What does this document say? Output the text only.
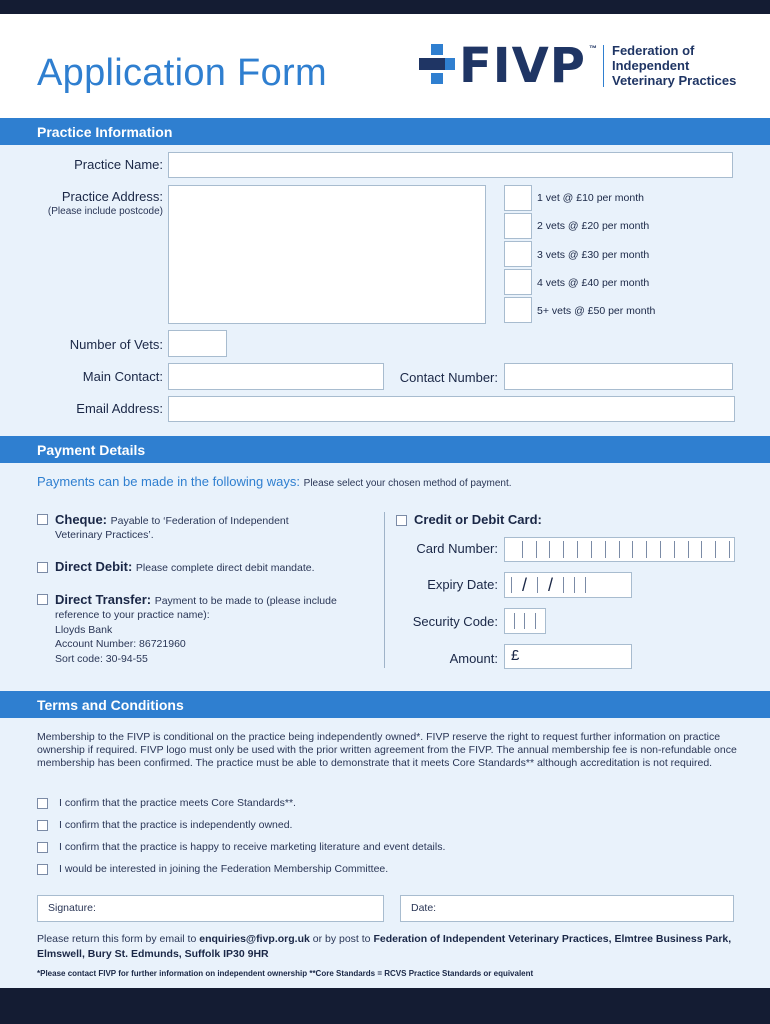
Application Form	FIVP ™ Federation of
Independent
Veterinary Practices
Practice Information
Practice Name:
Practice Address:
(Please include postcode)
1 vet @ £10 per month
2 vets @ £20 per month
3 vets @ £30 per month
4 vets @ £40 per month
5+ vets @ £50 per month
Number of Vets:
Main Contact:	Contact Number:
Email Address:
Payment Details
Payments can be made in the following ways: Please select your chosen method of payment.
Cheque: Payable to ‘Federation of Independent
Veterinary Practices’.
Direct Debit: Please complete direct debit mandate.
Direct Transfer: Payment to be made to (please include
reference to your practice name):
Lloyds Bank
Account Number: 86721960
Sort code: 30-94-55
Credit or Debit Card:
Card Number:
Expiry Date: / /
Security Code:
Amount: £
Terms and Conditions
Membership to the FIVP is conditional on the practice being independently owned*. FIVP reserve the right to request further information on practice ownership if required. FIVP logo must only be used with the prior written agreement from the FIVP. The annual membership fee is non-refundable once membership has been confirmed. The practice must be able to demonstrate that it meets Core Standards** although accreditation is not required.
I confirm that the practice meets Core Standards**.
I confirm that the practice is independently owned.
I confirm that the practice is happy to receive marketing literature and event details.
I would be interested in joining the Federation Membership Committee.
Signature:	Date:
Please return this form by email to enquiries@fivp.org.uk or by post to Federation of Independent Veterinary Practices, Elmtree Business Park, Elmswell, Bury St. Edmunds, Suffolk IP30 9HR
*Please contact FIVP for further information on independent ownership **Core Standards = RCVS Practice Standards or equivalent
